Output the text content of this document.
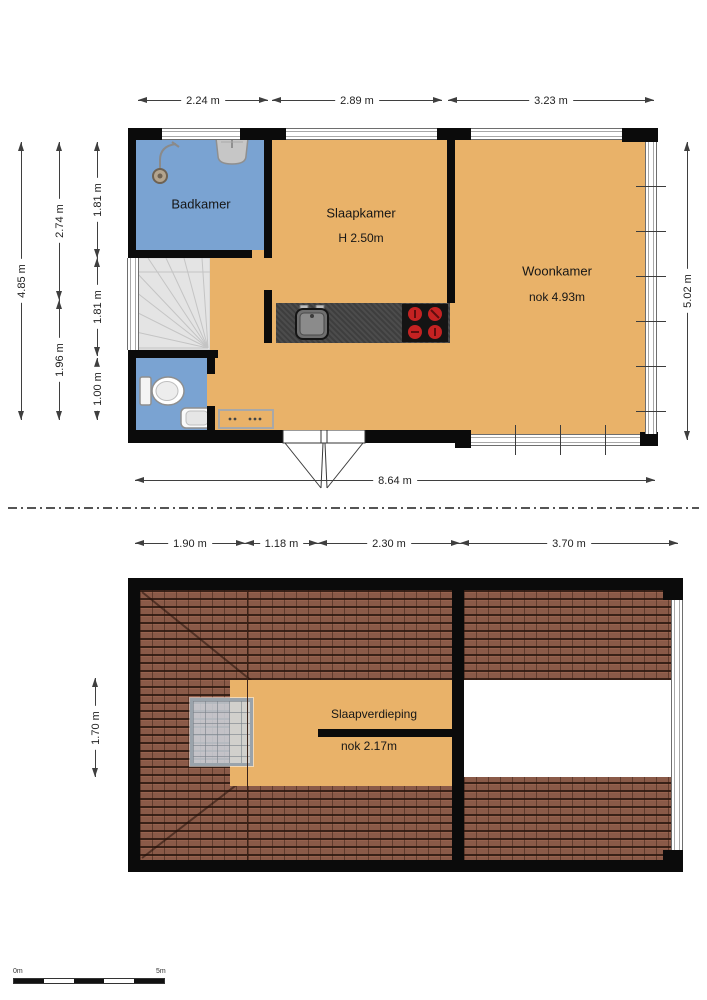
2.24 m	2.89 m	3.23 m
4.85 m
2.74 m
1.96 m
1.81 m
1.81 m
1.00 m
5.02 m
8.64 m
Badkamer
Slaapkamer
H 2.50m
Woonkamer
nok 4.93m
1.90 m	1.18 m	2.30 m	3.70 m
1.70 m	Slaapverdieping
nok 2.17m
0m	5m
